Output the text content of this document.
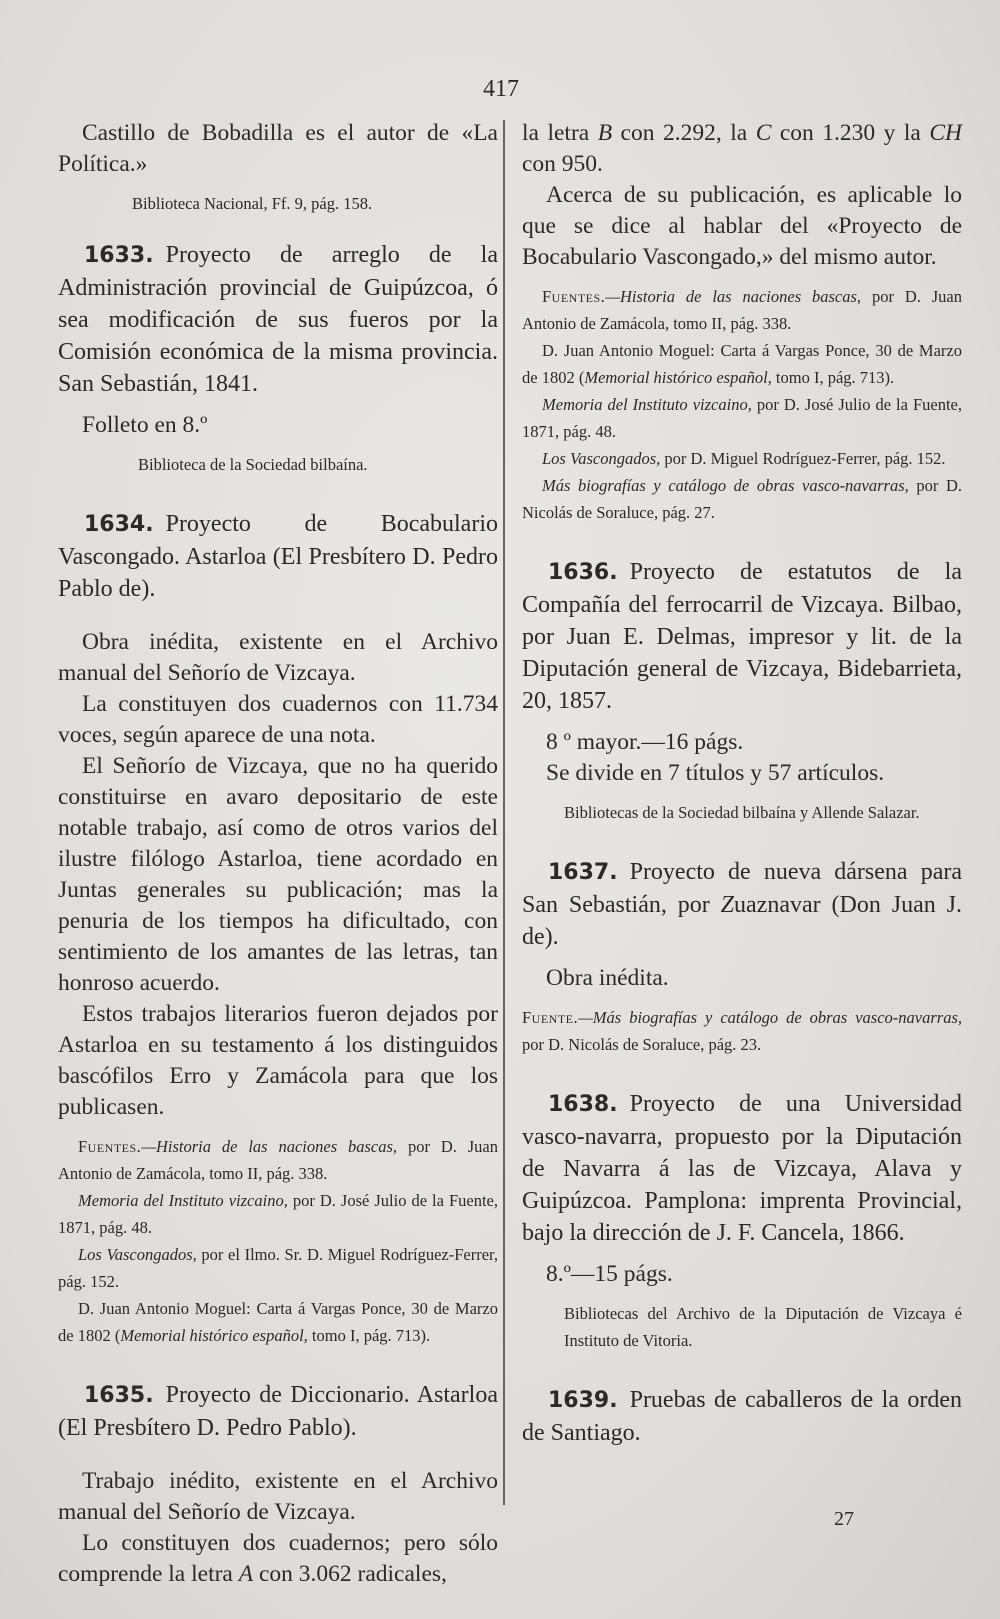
417

Castillo de Bobadilla es el autor de «La Política.»

Biblioteca Nacional, Ff. 9, pág. 158.

1633. Proyecto de arreglo de la Administración provincial de Guipúzcoa, ó sea modificación de sus fueros por la Comisión económica de la misma provincia. San Sebastián, 1841.

Folleto en 8.º

Biblioteca de la Sociedad bilbaína.

1634. Proyecto de Bocabulario Vascongado. Astarloa (El Presbítero D. Pedro Pablo de).

Obra inédita, existente en el Archivo manual del Señorío de Vizcaya.

La constituyen dos cuadernos con 11.734 voces, según aparece de una nota.

El Señorío de Vizcaya, que no ha querido constituirse en avaro depositario de este notable trabajo, así como de otros varios del ilustre filólogo Astarloa, tiene acordado en Juntas generales su publicación; mas la penuria de los tiempos ha dificultado, con sentimiento de los amantes de las letras, tan honroso acuerdo.

Estos trabajos literarios fueron dejados por Astarloa en su testamento á los distinguidos bascófilos Erro y Zamácola para que los publicasen.

Fuentes.—Historia de las naciones bascas, por D. Juan Antonio de Zamácola, tomo II, pág. 338.

Memoria del Instituto vizcaino, por D. José Julio de la Fuente, 1871, pág. 48.

Los Vascongados, por el Ilmo. Sr. D. Miguel Rodríguez-Ferrer, pág. 152.

D. Juan Antonio Moguel: Carta á Vargas Ponce, 30 de Marzo de 1802 (Memorial histórico español, tomo I, pág. 713).

1635. Proyecto de Diccionario. Astarloa (El Presbítero D. Pedro Pablo).

Trabajo inédito, existente en el Archivo manual del Señorío de Vizcaya.

Lo constituyen dos cuadernos; pero sólo comprende la letra A con 3.062 radicales,

la letra B con 2.292, la C con 1.230 y la CH con 950.

Acerca de su publicación, es aplicable lo que se dice al hablar del «Proyecto de Bocabulario Vascongado,» del mismo autor.

Fuentes.—Historia de las naciones bascas, por D. Juan Antonio de Zamácola, tomo II, pág. 338.

D. Juan Antonio Moguel: Carta á Vargas Ponce, 30 de Marzo de 1802 (Memorial histórico español, tomo I, pág. 713).

Memoria del Instituto vizcaino, por D. José Julio de la Fuente, 1871, pág. 48.

Los Vascongados, por D. Miguel Rodríguez-Ferrer, pág. 152.

Más biografías y catálogo de obras vasco-navarras, por D. Nicolás de Soraluce, pág. 27.

1636. Proyecto de estatutos de la Compañía del ferrocarril de Vizcaya. Bilbao, por Juan E. Delmas, impresor y lit. de la Diputación general de Vizcaya, Bidebarrieta, 20, 1857.

8 º mayor.—16 págs.

Se divide en 7 títulos y 57 artículos.

Bibliotecas de la Sociedad bilbaína y Allende Salazar.

1637. Proyecto de nueva dársena para San Sebastián, por Zuaznavar (Don Juan J. de).

Obra inédita.

Fuente.—Más biografías y catálogo de obras vasco-navarras, por D. Nicolás de Soraluce, pág. 23.

1638. Proyecto de una Universidad vasco-navarra, propuesto por la Diputación de Navarra á las de Vizcaya, Alava y Guipúzcoa. Pamplona: imprenta Provincial, bajo la dirección de J. F. Cancela, 1866.

8.º—15 págs.

Bibliotecas del Archivo de la Diputación de Vizcaya é Instituto de Vitoria.

1639. Pruebas de caballeros de la orden de Santiago.

27
